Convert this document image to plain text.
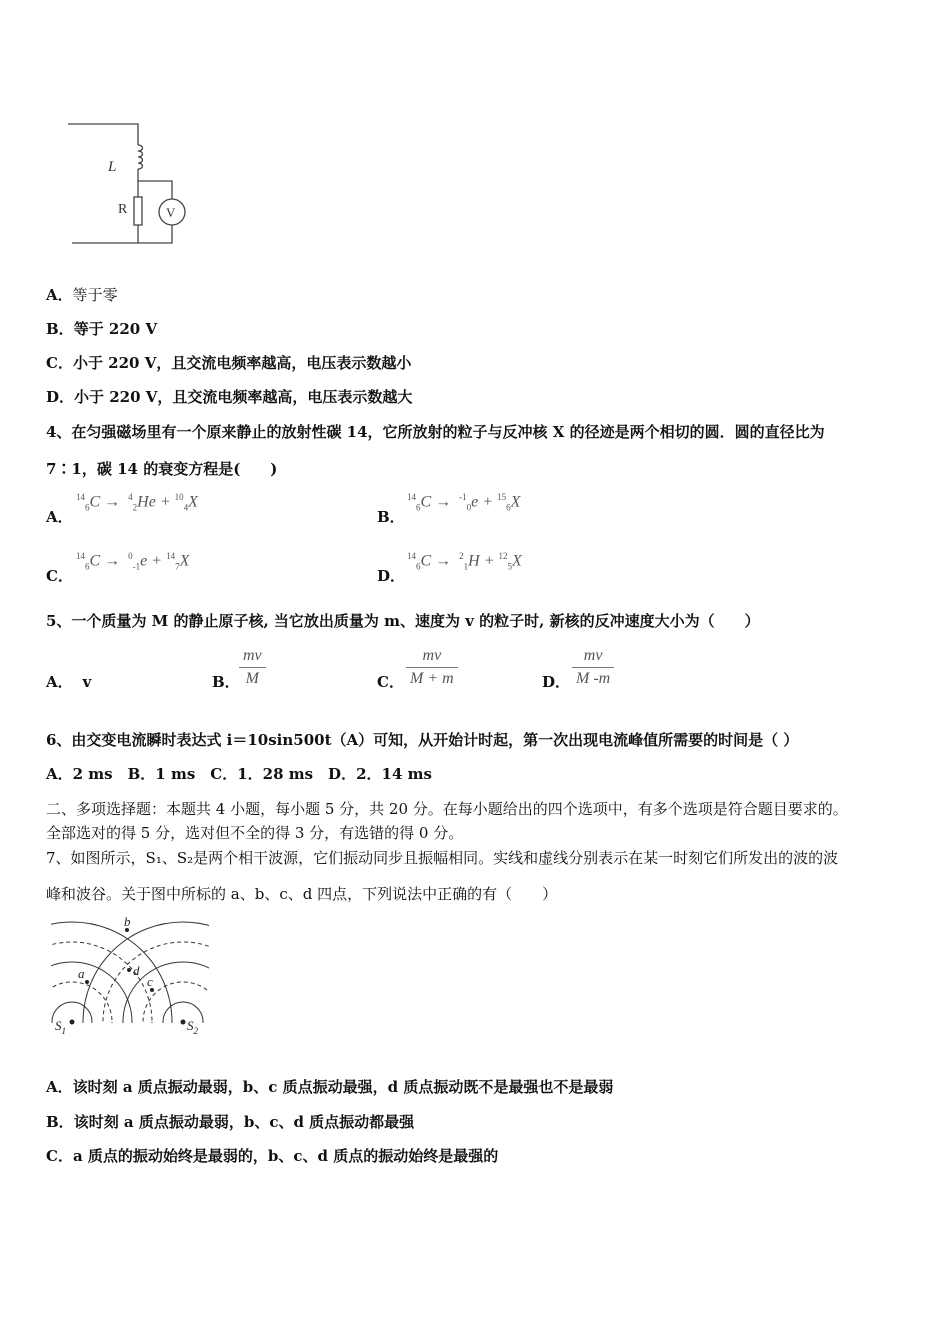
L
R	V
A．等于零
B．等于 220 V
C．小于 220 V，且交流电频率越高，电压表示数越小
D．小于 220 V，且交流电频率越高，电压表示数越大
4、在匀强磁场里有一个原来静止的放射性碳 14，它所放射的粒子与反冲核 X 的径迹是两个相切的圆．圆的直径比为
7∶1，碳 14 的衰变方程是(　　)
A．
$^{14}_6$C →  $^4_2$He + $^{10}_4$X
B．
$^{14}_6$C →  $^{-1}_0$e + $^{15}_6$X
C．
$^{14}_6$C →  $^0_{-1}$e + $^{14}_7$X
D．
$^{14}_6$C →  $^2_1$H + $^{12}_5$X
5、一个质量为 M 的静止原子核, 当它放出质量为 m、速度为 v 的粒子时, 新核的反冲速度大小为（　　）
A． v	B．
mv
M	C．
mv
M + m	D．
mv
M -m
6、由交变电流瞬时表达式 i＝10sin500t（A）可知，从开始计时起，第一次出现电流峰值所需要的时间是（ ）
A．2 ms　B．1 ms　C．1．28 ms　D．2．14 ms
二、多项选择题：本题共 4 小题，每小题 5 分，共 20 分。在每小题给出的四个选项中，有多个选项是符合题目要求的。
全部选对的得 5 分，选对但不全的得 3 分，有选错的得 0 分。
7、如图所示，S₁、S₂是两个相干波源，它们振动同步且振幅相同。实线和虚线分别表示在某一时刻它们所发出的波的波
峰和波谷。关于图中所标的 a、b、c、d 四点，下列说法中正确的有（　　）
a
b
c
d
$S_1$	$S_2$
A．该时刻 a 质点振动最弱，b、c 质点振动最强，d 质点振动既不是最强也不是最弱
B．该时刻 a 质点振动最弱，b、c、d 质点振动都最强
C．a 质点的振动始终是最弱的，b、c、d 质点的振动始终是最强的
